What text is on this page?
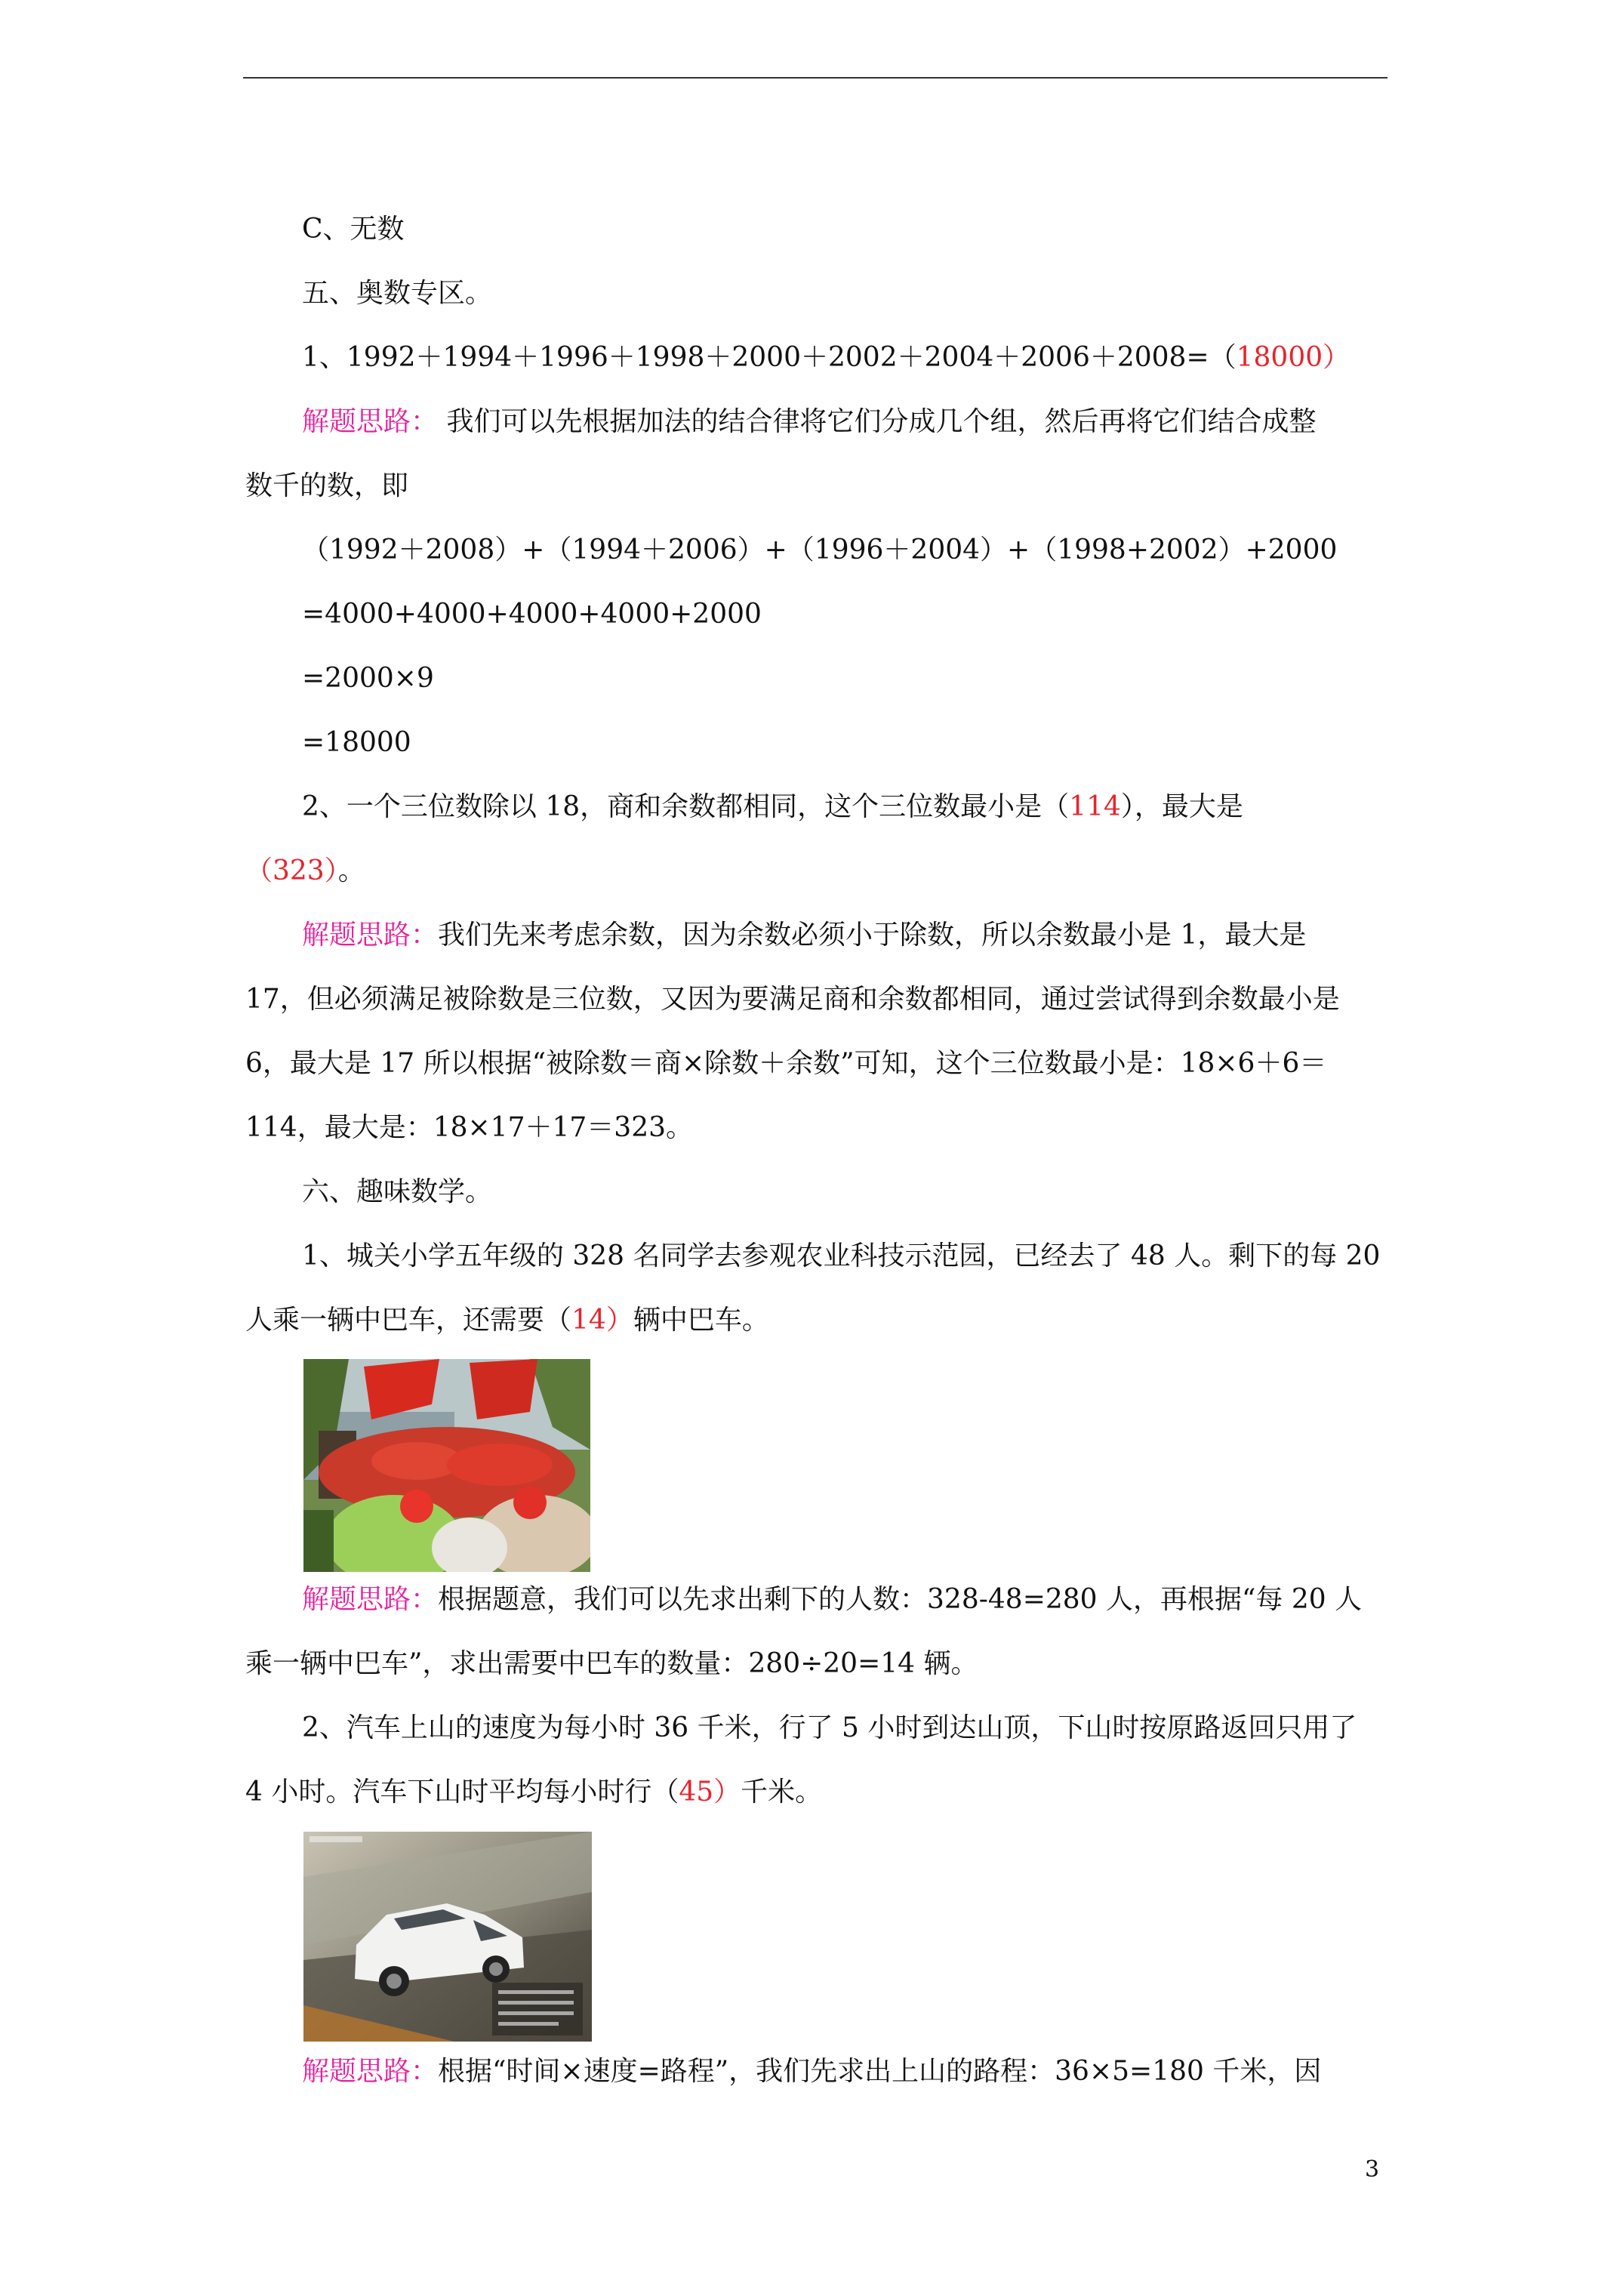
C、无数
五、奥数专区。
1、1992＋1994＋1996＋1998＋2000＋2002＋2004＋2006＋2008=（18000）
解题思路： 我们可以先根据加法的结合律将它们分成几个组，然后再将它们结合成整
数千的数，即
（1992＋2008）+（1994＋2006）+（1996＋2004）+（1998+2002）+2000
=4000+4000+4000+4000+2000
=2000×9
=18000
2、一个三位数除以 18，商和余数都相同，这个三位数最小是（114），最大是
（323）。
解题思路：我们先来考虑余数，因为余数必须小于除数，所以余数最小是 1，最大是
17，但必须满足被除数是三位数，又因为要满足商和余数都相同，通过尝试得到余数最小是
6，最大是 17 所以根据“被除数＝商×除数＋余数”可知，这个三位数最小是：18×6＋6＝
114，最大是：18×17＋17＝323。
六、趣味数学。
1、城关小学五年级的 328 名同学去参观农业科技示范园，已经去了 48 人。剩下的每 20
人乘一辆中巴车，还需要（14）辆中巴车。
解题思路：根据题意，我们可以先求出剩下的人数：328-48=280 人，再根据“每 20 人
乘一辆中巴车”，求出需要中巴车的数量：280÷20=14 辆。
2、汽车上山的速度为每小时 36 千米，行了 5 小时到达山顶，下山时按原路返回只用了
4 小时。汽车下山时平均每小时行（45）千米。
解题思路：根据“时间×速度=路程”，我们先求出上山的路程：36×5=180 千米，因
3
